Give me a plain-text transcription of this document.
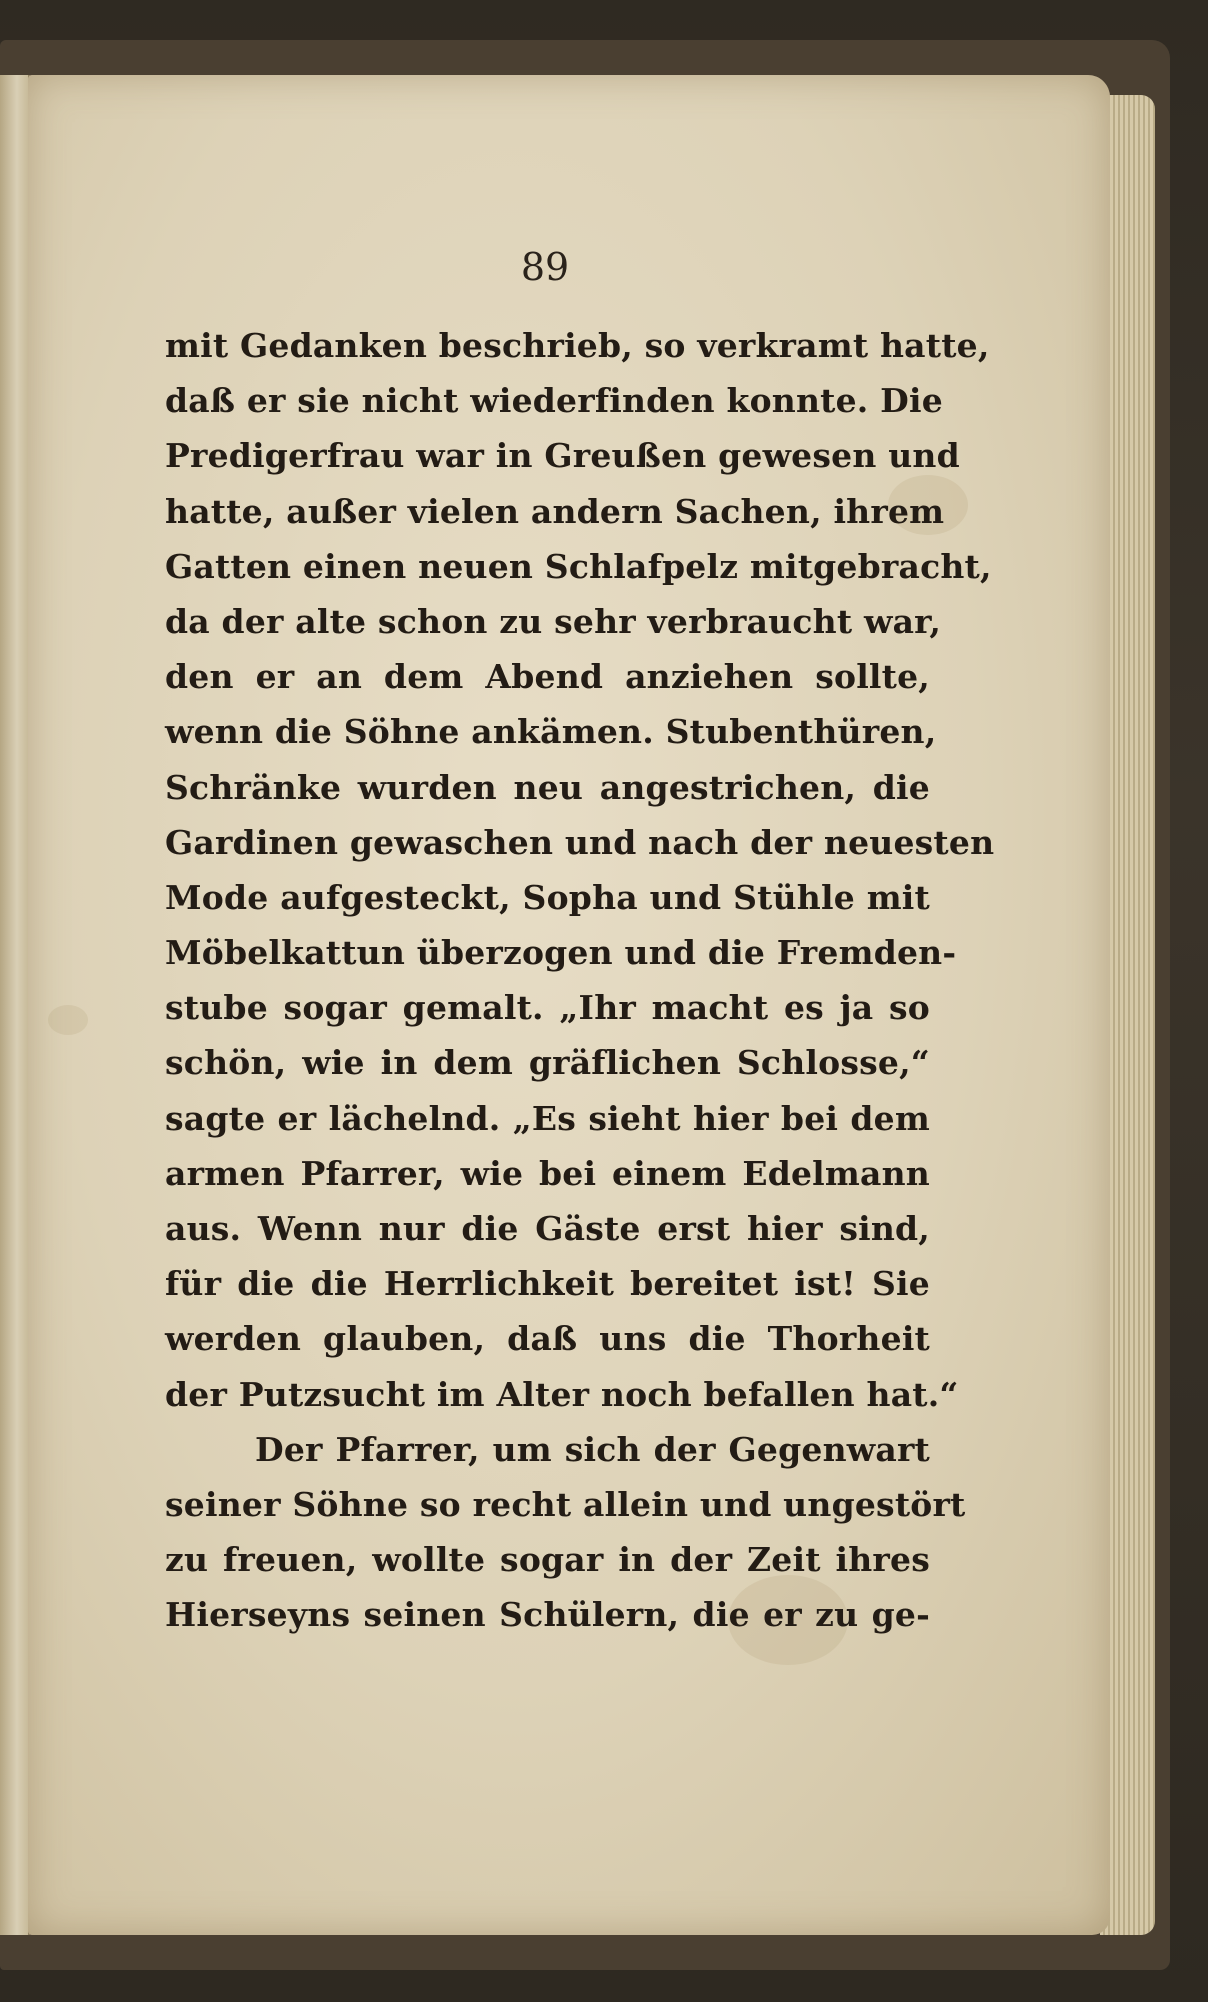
89
mit Gedanken beschrieb, so verkramt hatte,
daß er sie nicht wiederfinden konnte. Die
Predigerfrau war in Greußen gewesen und
hatte, außer vielen andern Sachen, ihrem
Gatten einen neuen Schlafpelz mitgebracht,
da der alte schon zu sehr verbraucht war,
den er an dem Abend anziehen sollte,
wenn die Söhne ankämen. Stubenthüren,
Schränke wurden neu angestrichen, die
Gardinen gewaschen und nach der neuesten
Mode aufgesteckt, Sopha und Stühle mit
Möbelkattun überzogen und die Fremden-
stube sogar gemalt. „Ihr macht es ja so
schön, wie in dem gräflichen Schlosse,“
sagte er lächelnd. „Es sieht hier bei dem
armen Pfarrer, wie bei einem Edelmann
aus. Wenn nur die Gäste erst hier sind,
für die die Herrlichkeit bereitet ist! Sie
werden glauben, daß uns die Thorheit
der Putzsucht im Alter noch befallen hat.“
Der Pfarrer, um sich der Gegenwart
seiner Söhne so recht allein und ungestört
zu freuen, wollte sogar in der Zeit ihres
Hierseyns seinen Schülern, die er zu ge-
